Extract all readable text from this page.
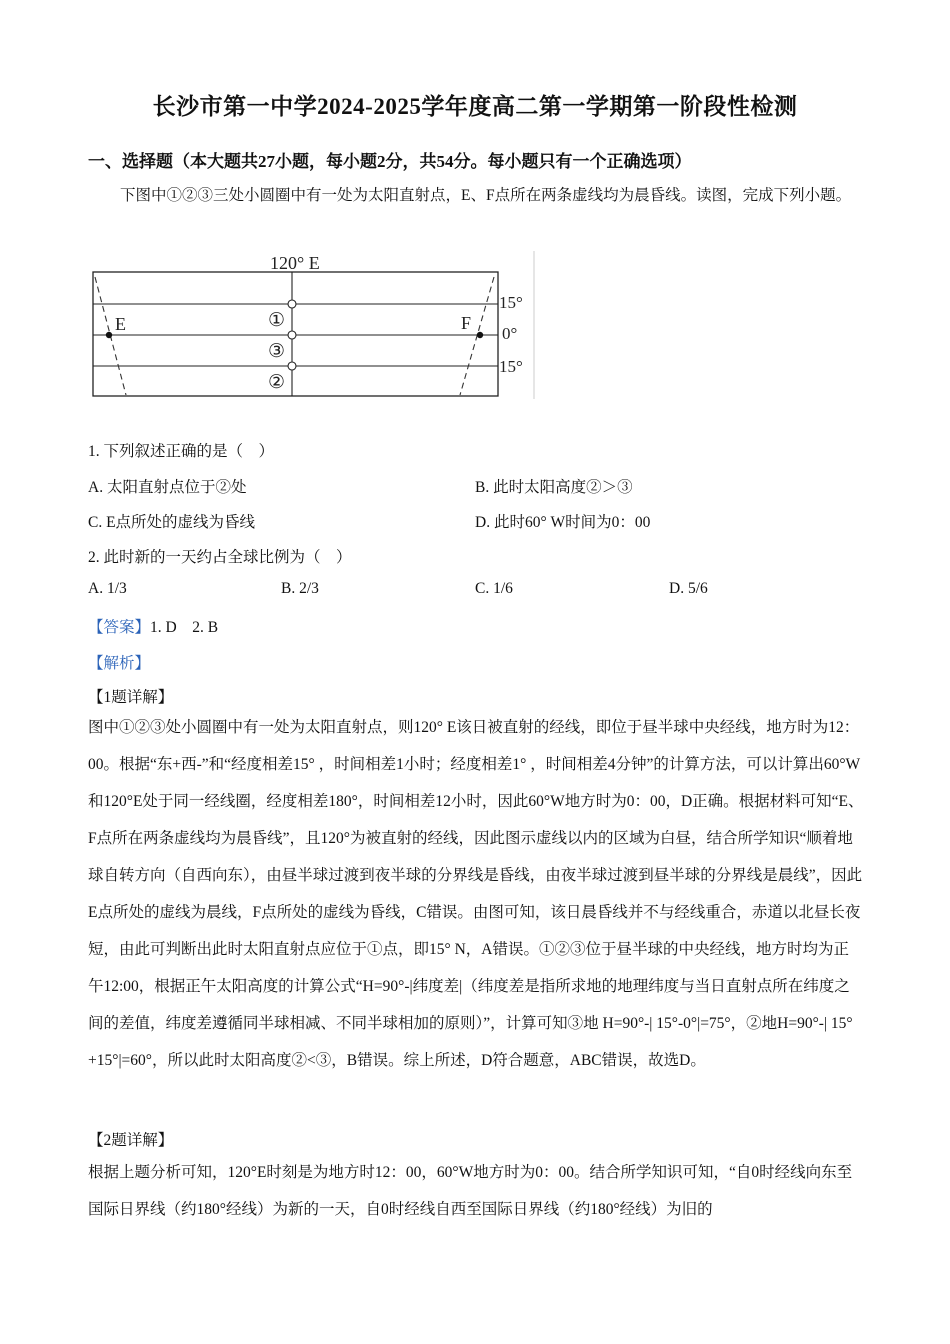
长沙市第一中学2024-2025学年度高二第一学期第一阶段性检测
一、选择题（本大题共27小题，每小题2分，共54分。每小题只有一个正确选项）

下图中①②③三处小圆圈中有一处为太阳直射点，E、F点所在两条虚线均为晨昏线。读图，完成下列小题。

120° E
15°
0°
15°
E	F
①
③
②
1. 下列叙述正确的是（　）
A. 太阳直射点位于②处	B. 此时太阳高度②＞③
C. E点所处的虚线为昏线	D. 此时60° W时间为0：00
2. 此时新的一天约占全球比例为（　）
A. 1/3	B. 2/3	C. 1/6	D. 5/6
【答案】1. D　2. B
【解析】
【1题详解】

图中①②③处小圆圈中有一处为太阳直射点，则120° E该日被直射的经线，即位于昼半球中央经线，地方时为12：00。根据“东+西-”和“经度相差15° ，时间相差1小时；经度相差1° ，时间相差4分钟”的计算方法，可以计算出60°W和120°E处于同一经线圈，经度相差180°，时间相差12小时，因此60°W地方时为0：00，D正确。根据材料可知“E、F点所在两条虚线均为晨昏线”，且120°为被直射的经线，因此图示虚线以内的区域为白昼，结合所学知识“顺着地球自转方向（自西向东），由昼半球过渡到夜半球的分界线是昏线，由夜半球过渡到昼半球的分界线是晨线”，因此E点所处的虚线为晨线，F点所处的虚线为昏线，C错误。由图可知，该日晨昏线并不与经线重合，赤道以北昼长夜短，由此可判断出此时太阳直射点应位于①点，即15° N，A错误。①②③位于昼半球的中央经线，地方时均为正午12:00，根据正午太阳高度的计算公式“H=90°-|纬度差|（纬度差是指所求地的地理纬度与当日直射点所在纬度之间的差值，纬度差遵循同半球相减、不同半球相加的原则）”，计算可知③地 H=90°-| 15°-0°|=75°，②地H=90°-| 15°+15°|=60°，所以此时太阳高度②<③，B错误。综上所述，D符合题意，ABC错误，故选D。

【2题详解】

根据上题分析可知，120°E时刻是为地方时12：00，60°W地方时为0：00。结合所学知识可知，“自0时经线向东至国际日界线（约180°经线）为新的一天，自0时经线自西至国际日界线（约180°经线）为旧的
